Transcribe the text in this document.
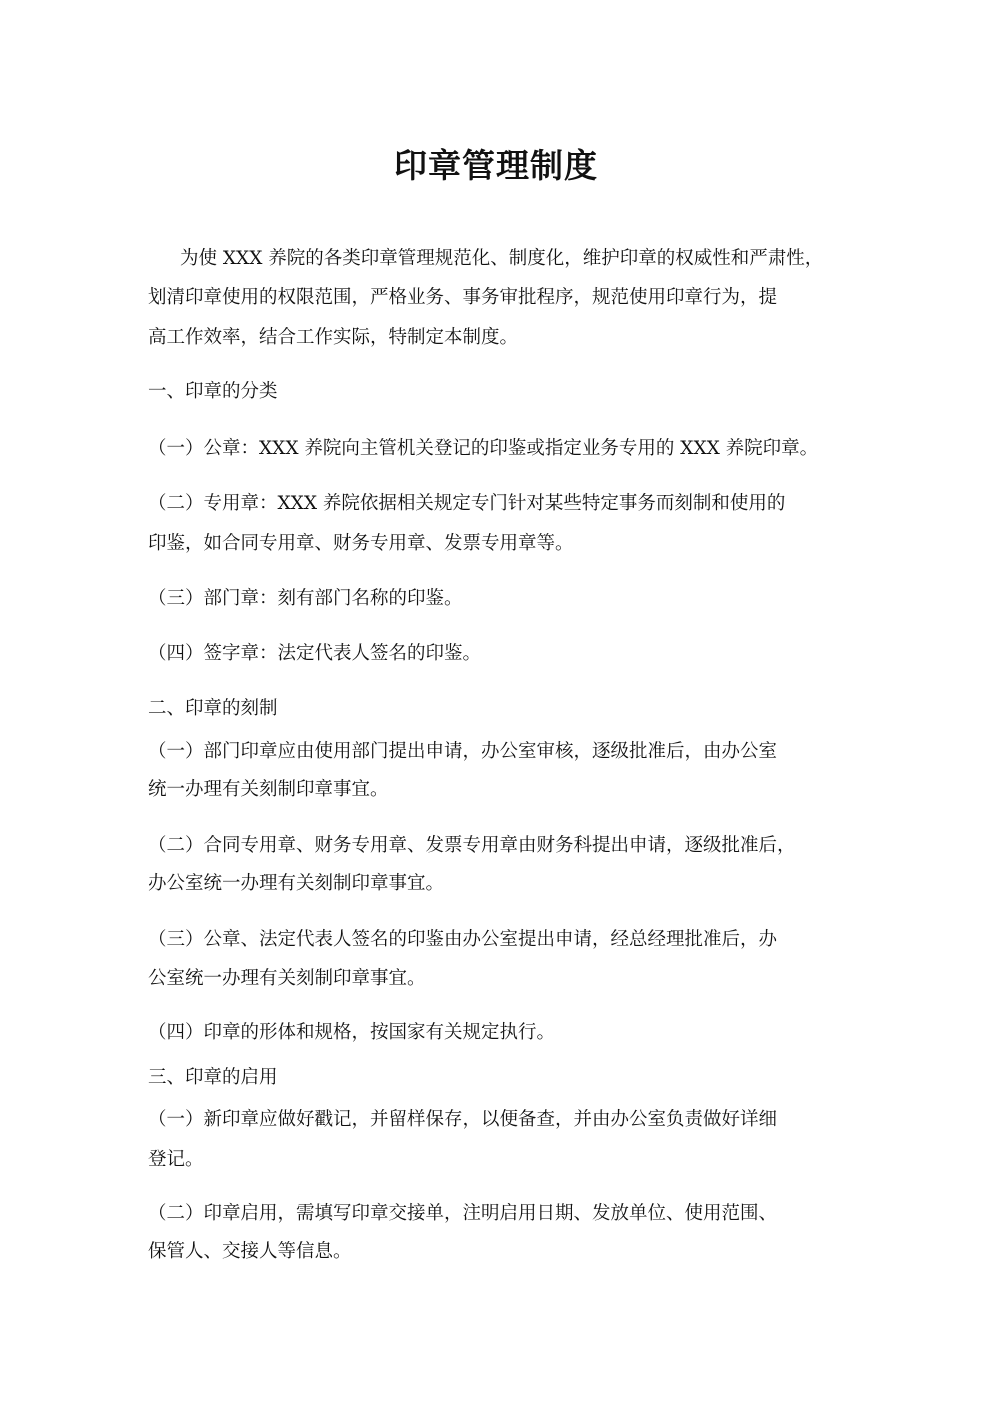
印章管理制度
为使 XXX 养院的各类印章管理规范化、制度化，维护印章的权威性和严肃性，
划清印章使用的权限范围，严格业务、事务审批程序，规范使用印章行为，提
高工作效率，结合工作实际，特制定本制度。
一、印章的分类
（一）公章：XXX 养院向主管机关登记的印鉴或指定业务专用的 XXX 养院印章。
（二）专用章：XXX 养院依据相关规定专门针对某些特定事务而刻制和使用的
印鉴，如合同专用章、财务专用章、发票专用章等。
（三）部门章：刻有部门名称的印鉴。
（四）签字章：法定代表人签名的印鉴。
二、印章的刻制
（一）部门印章应由使用部门提出申请，办公室审核，逐级批准后，由办公室
统一办理有关刻制印章事宜。
（二）合同专用章、财务专用章、发票专用章由财务科提出申请，逐级批准后，
办公室统一办理有关刻制印章事宜。
（三）公章、法定代表人签名的印鉴由办公室提出申请，经总经理批准后，办
公室统一办理有关刻制印章事宜。
（四）印章的形体和规格，按国家有关规定执行。
三、印章的启用
（一）新印章应做好戳记，并留样保存，以便备查，并由办公室负责做好详细
登记。
（二）印章启用，需填写印章交接单，注明启用日期、发放单位、使用范围、
保管人、交接人等信息。
